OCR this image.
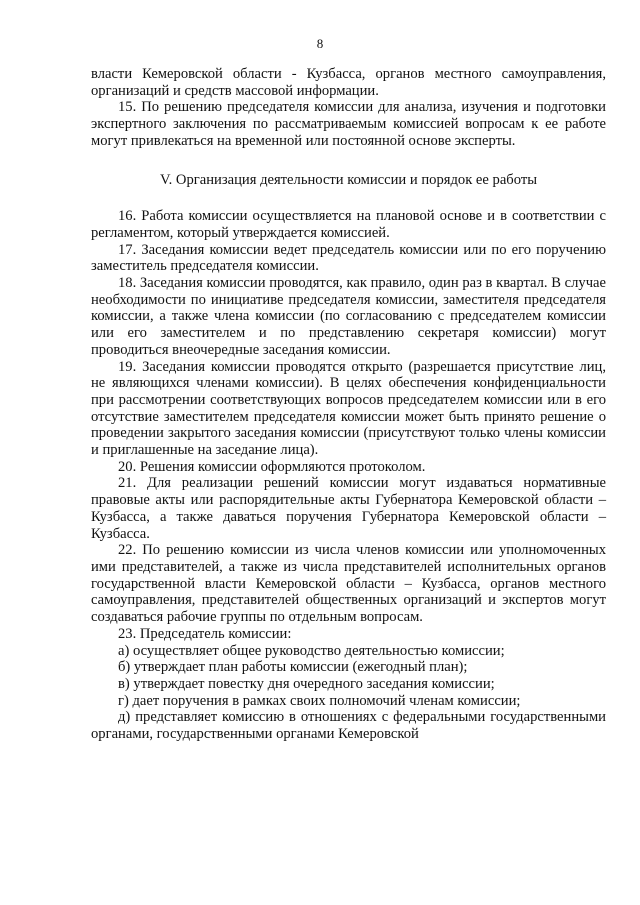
8

власти Кемеровской области - Кузбасса, органов местного самоуправления, организаций и средств массовой информации.

15. По решению председателя комиссии для анализа, изучения и подготовки экспертного заключения по рассматриваемым комиссией вопросам к ее работе могут привлекаться на временной или постоянной основе эксперты.

V. Организация деятельности комиссии и порядок ее работы

16. Работа комиссии осуществляется на плановой основе и в соответствии с регламентом, который утверждается комиссией.

17. Заседания комиссии ведет председатель комиссии или по его поручению заместитель председателя комиссии.

18. Заседания комиссии проводятся, как правило, один раз в квартал. В случае необходимости по инициативе председателя комиссии, заместителя председателя комиссии, а также члена комиссии (по согласованию с председателем комиссии или его заместителем и по представлению секретаря комиссии) могут проводиться внеочередные заседания комиссии.

19. Заседания комиссии проводятся открыто (разрешается присутствие лиц, не являющихся членами комиссии). В целях обеспечения конфиденциальности при рассмотрении соответствующих вопросов председателем комиссии или в его отсутствие заместителем председателя комиссии может быть принято решение о проведении закрытого заседания комиссии (присутствуют только члены комиссии и приглашенные на заседание лица).

20. Решения комиссии оформляются протоколом.

21. Для реализации решений комиссии могут издаваться нормативные правовые акты или распорядительные акты Губернатора Кемеровской области – Кузбасса, а также даваться поручения Губернатора Кемеровской области – Кузбасса.

22. По решению комиссии из числа членов комиссии или уполномоченных ими представителей, а также из числа представителей исполнительных органов государственной власти Кемеровской области – Кузбасса, органов местного самоуправления, представителей общественных организаций и экспертов могут создаваться рабочие группы по отдельным вопросам.

23. Председатель комиссии:

а) осуществляет общее руководство деятельностью комиссии;

б) утверждает план работы комиссии (ежегодный план);

в) утверждает повестку дня очередного заседания комиссии;

г) дает поручения в рамках своих полномочий членам комиссии;

д) представляет комиссию в отношениях с федеральными государственными органами, государственными органами Кемеровской
